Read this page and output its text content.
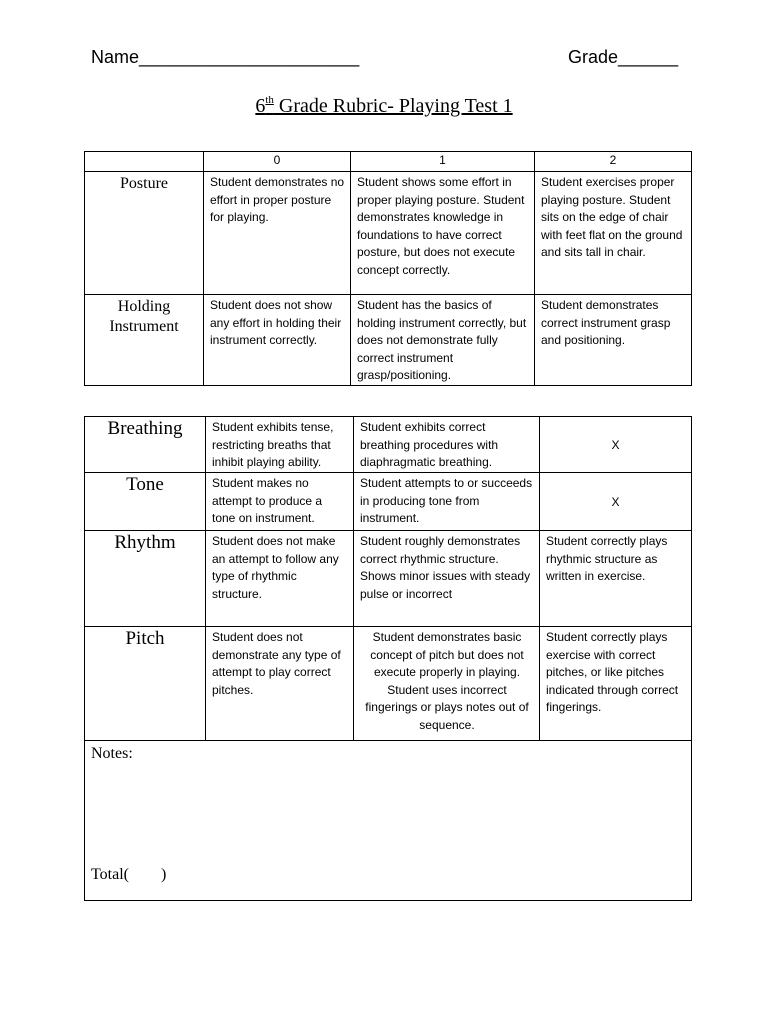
Name______________________	Grade______
6th Grade Rubric- Playing Test 1
	0	1	2
Posture	Student demonstrates no effort in proper posture for playing.	Student shows some effort in proper playing posture. Student demonstrates knowledge in foundations to have correct posture, but does not execute concept correctly.	Student exercises proper playing posture. Student sits on the edge of chair with feet flat on the ground and sits tall in chair.
Holding Instrument	Student does not show any effort in holding their instrument correctly.	Student has the basics of holding instrument correctly, but does not demonstrate fully correct instrument grasp/positioning.	Student demonstrates correct instrument grasp and positioning.
Breathing	Student exhibits tense, restricting breaths that inhibit playing ability.	Student exhibits correct breathing procedures with diaphragmatic breathing.	X
Tone	Student makes no attempt to produce a tone on instrument.	Student attempts to or succeeds in producing tone from instrument.	X
Rhythm	Student does not make an attempt to follow any type of rhythmic structure.	Student roughly demonstrates correct rhythmic structure. Shows minor issues with steady pulse or incorrect	Student correctly plays rhythmic structure as written in exercise.
Pitch	Student does not demonstrate any type of attempt to play correct pitches.	Student demonstrates basic concept of pitch but does not execute properly in playing. Student uses incorrect fingerings or plays notes out of sequence.	Student correctly plays exercise with correct pitches, or like pitches indicated through correct fingerings.

Notes:
Total(        )			
